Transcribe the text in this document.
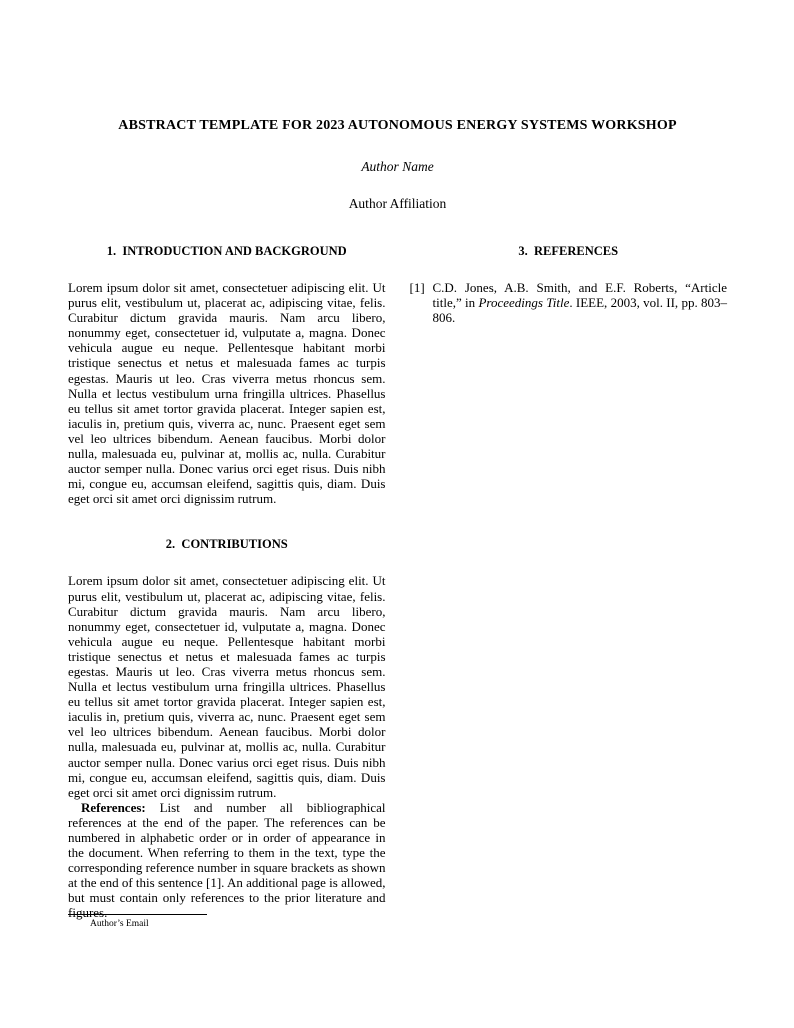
ABSTRACT TEMPLATE FOR 2023 AUTONOMOUS ENERGY SYSTEMS WORKSHOP
Author Name
Author Affiliation
1.  INTRODUCTION AND BACKGROUND

Lorem ipsum dolor sit amet, consectetuer adipiscing elit. Ut purus elit, vestibulum ut, placerat ac, adipiscing vitae, felis. Curabitur dictum gravida mauris. Nam arcu libero, nonummy eget, consectetuer id, vulputate a, magna. Donec vehicula augue eu neque. Pellentesque habitant morbi tristique senectus et netus et malesuada fames ac turpis egestas. Mauris ut leo. Cras viverra metus rhoncus sem. Nulla et lectus vestibulum urna fringilla ultrices. Phasellus eu tellus sit amet tortor gravida placerat. Integer sapien est, iaculis in, pretium quis, viverra ac, nunc. Praesent eget sem vel leo ultrices bibendum. Aenean faucibus. Morbi dolor nulla, malesuada eu, pulvinar at, mollis ac, nulla. Curabitur auctor semper nulla. Donec varius orci eget risus. Duis nibh mi, congue eu, accumsan eleifend, sagittis quis, diam. Duis eget orci sit amet orci dignissim rutrum.

2.  CONTRIBUTIONS

Lorem ipsum dolor sit amet, consectetuer adipiscing elit. Ut purus elit, vestibulum ut, placerat ac, adipiscing vitae, felis. Curabitur dictum gravida mauris. Nam arcu libero, nonummy eget, consectetuer id, vulputate a, magna. Donec vehicula augue eu neque. Pellentesque habitant morbi tristique senectus et netus et malesuada fames ac turpis egestas. Mauris ut leo. Cras viverra metus rhoncus sem. Nulla et lectus vestibulum urna fringilla ultrices. Phasellus eu tellus sit amet tortor gravida placerat. Integer sapien est, iaculis in, pretium quis, viverra ac, nunc. Praesent eget sem vel leo ultrices bibendum. Aenean faucibus. Morbi dolor nulla, malesuada eu, pulvinar at, mollis ac, nulla. Curabitur auctor semper nulla. Donec varius orci eget risus. Duis nibh mi, congue eu, accumsan eleifend, sagittis quis, diam. Duis eget orci sit amet orci dignissim rutrum.

References: List and number all bibliographical references at the end of the paper. The references can be numbered in alphabetic order or in order of appearance in the document. When referring to them in the text, type the corresponding reference number in square brackets as shown at the end of this sentence [1]. An additional page is allowed, but must contain only references to the prior literature and figures.

3.  REFERENCES
[1] C.D. Jones, A.B. Smith, and E.F. Roberts, “Article title,” in Proceedings Title. IEEE, 2003, vol. II, pp. 803–806.

Author’s Email
